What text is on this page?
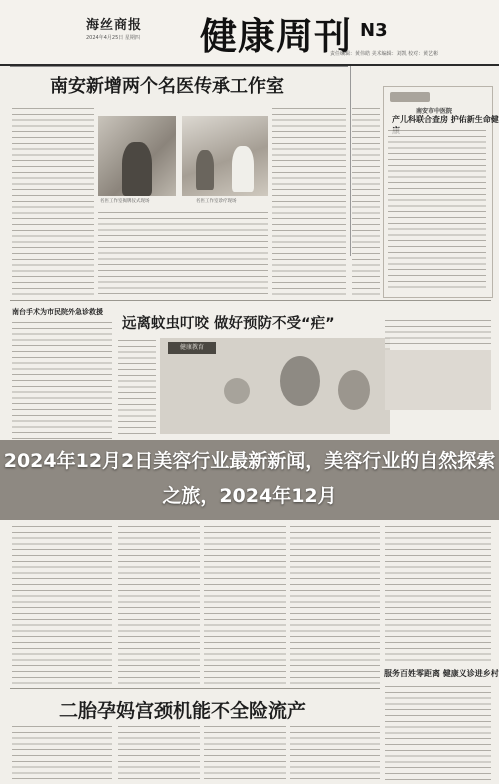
海丝商报
2024年4月25日 星期四 健康周刊 N3
责任编辑：黄伟皓 美术编辑：刘凯 校对：黄艺彬
南安新增两个名医传承工作室
名医工作室揭牌仪式现场	名医工作室诊疗现场
南安市中医院
产儿科联合查房 护佑新生命健
南台手术为市民院外急诊救援
远离蚊虫叮咬 做好预防不受“疟”
健康教育
2024年12月2日美容行业最新新闻，美容行业的自然探索之旅，2024年12月
服务百姓零距离 健康义诊进乡村
二胎孕妈宫颈机能不全险流产
